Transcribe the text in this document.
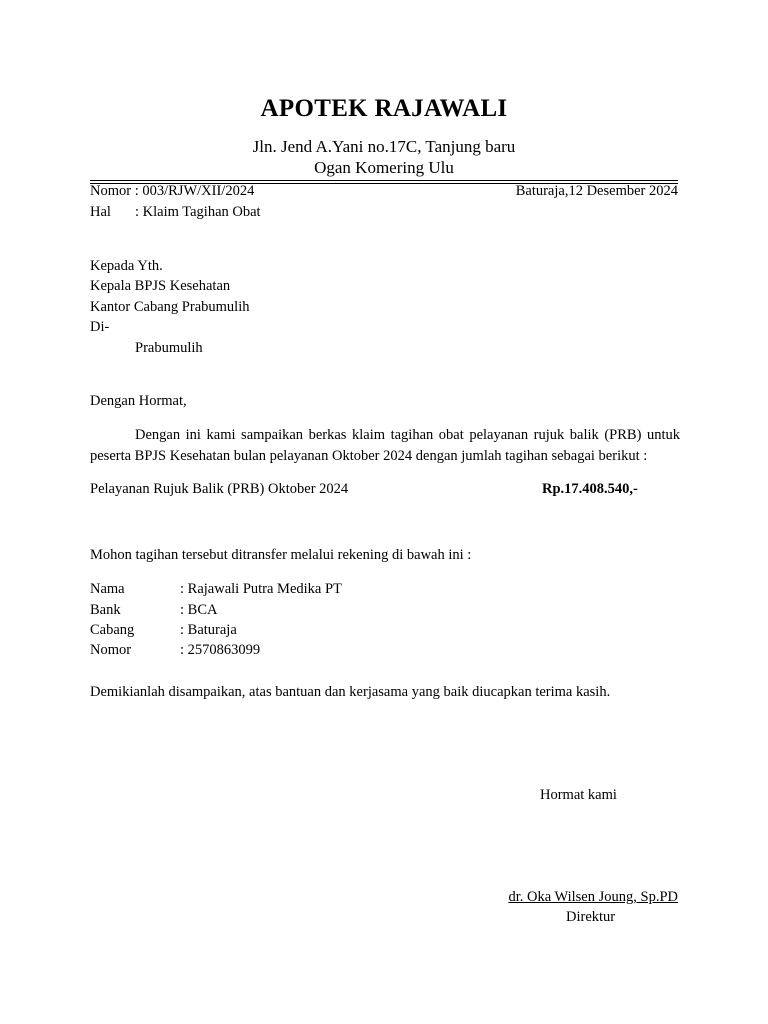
APOTEK RAJAWALI
Jln. Jend A.Yani no.17C, Tanjung baru
Ogan Komering Ulu
Nomor : 003/RJW/XII/2024	Baturaja,12 Desember 2024
Hal : Klaim Tagihan Obat
Kepada Yth.
Kepala BPJS Kesehatan
Kantor Cabang Prabumulih
Di-
Prabumulih
Dengan Hormat,
Dengan ini kami sampaikan berkas klaim tagihan obat pelayanan rujuk balik (PRB) untuk peserta BPJS Kesehatan bulan pelayanan Oktober 2024 dengan jumlah tagihan sebagai berikut :
Pelayanan Rujuk Balik (PRB) Oktober 2024	Rp.17.408.540,-
Mohon tagihan tersebut ditransfer melalui rekening di bawah ini :
Nama	: Rajawali Putra Medika PT
Bank	: BCA
Cabang	: Baturaja
Nomor	: 2570863099
Demikianlah disampaikan, atas bantuan dan kerjasama yang baik diucapkan terima kasih.
Hormat kami
dr. Oka Wilsen Joung, Sp.PD
Direktur
